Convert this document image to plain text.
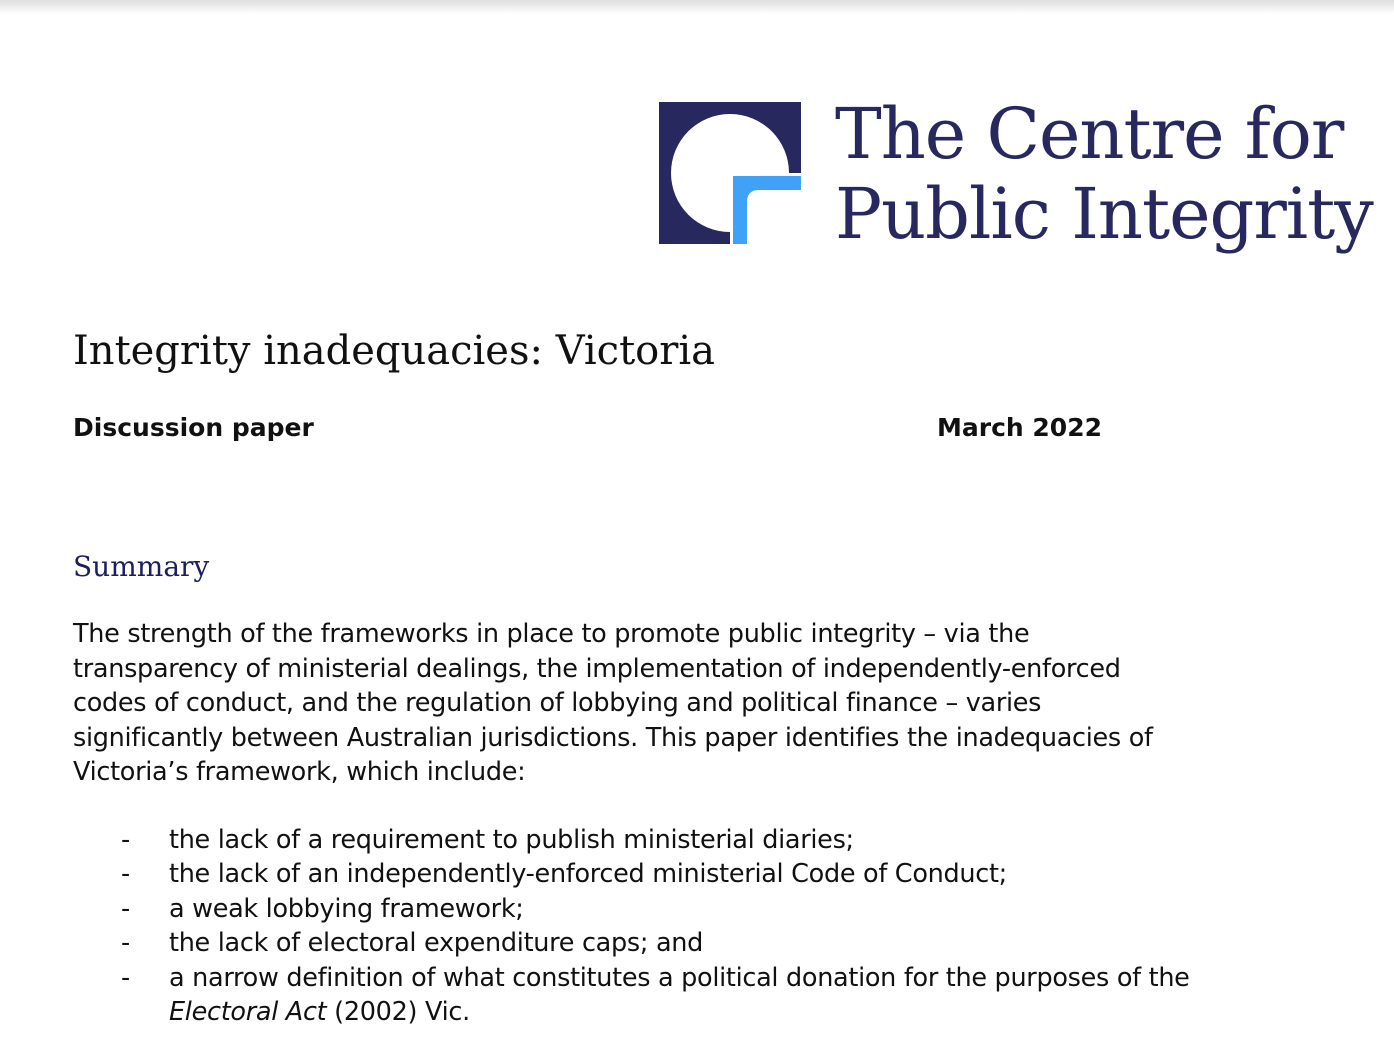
The Centre for
Public Integrity
Integrity inadequacies: Victoria
Discussion paper	March 2022
Summary

The strength of the frameworks in place to promote public integrity – via the
transparency of ministerial dealings, the implementation of independently-enforced
codes of conduct, and the regulation of lobbying and political finance – varies
significantly between Australian jurisdictions. This paper identifies the inadequacies of
Victoria’s framework, which include:

- the lack of a requirement to publish ministerial diaries;
- the lack of an independently-enforced ministerial Code of Conduct;
- a weak lobbying framework;
- the lack of electoral expenditure caps; and
- a narrow definition of what constitutes a political donation for the purposes of the
Electoral Act (2002) Vic.
